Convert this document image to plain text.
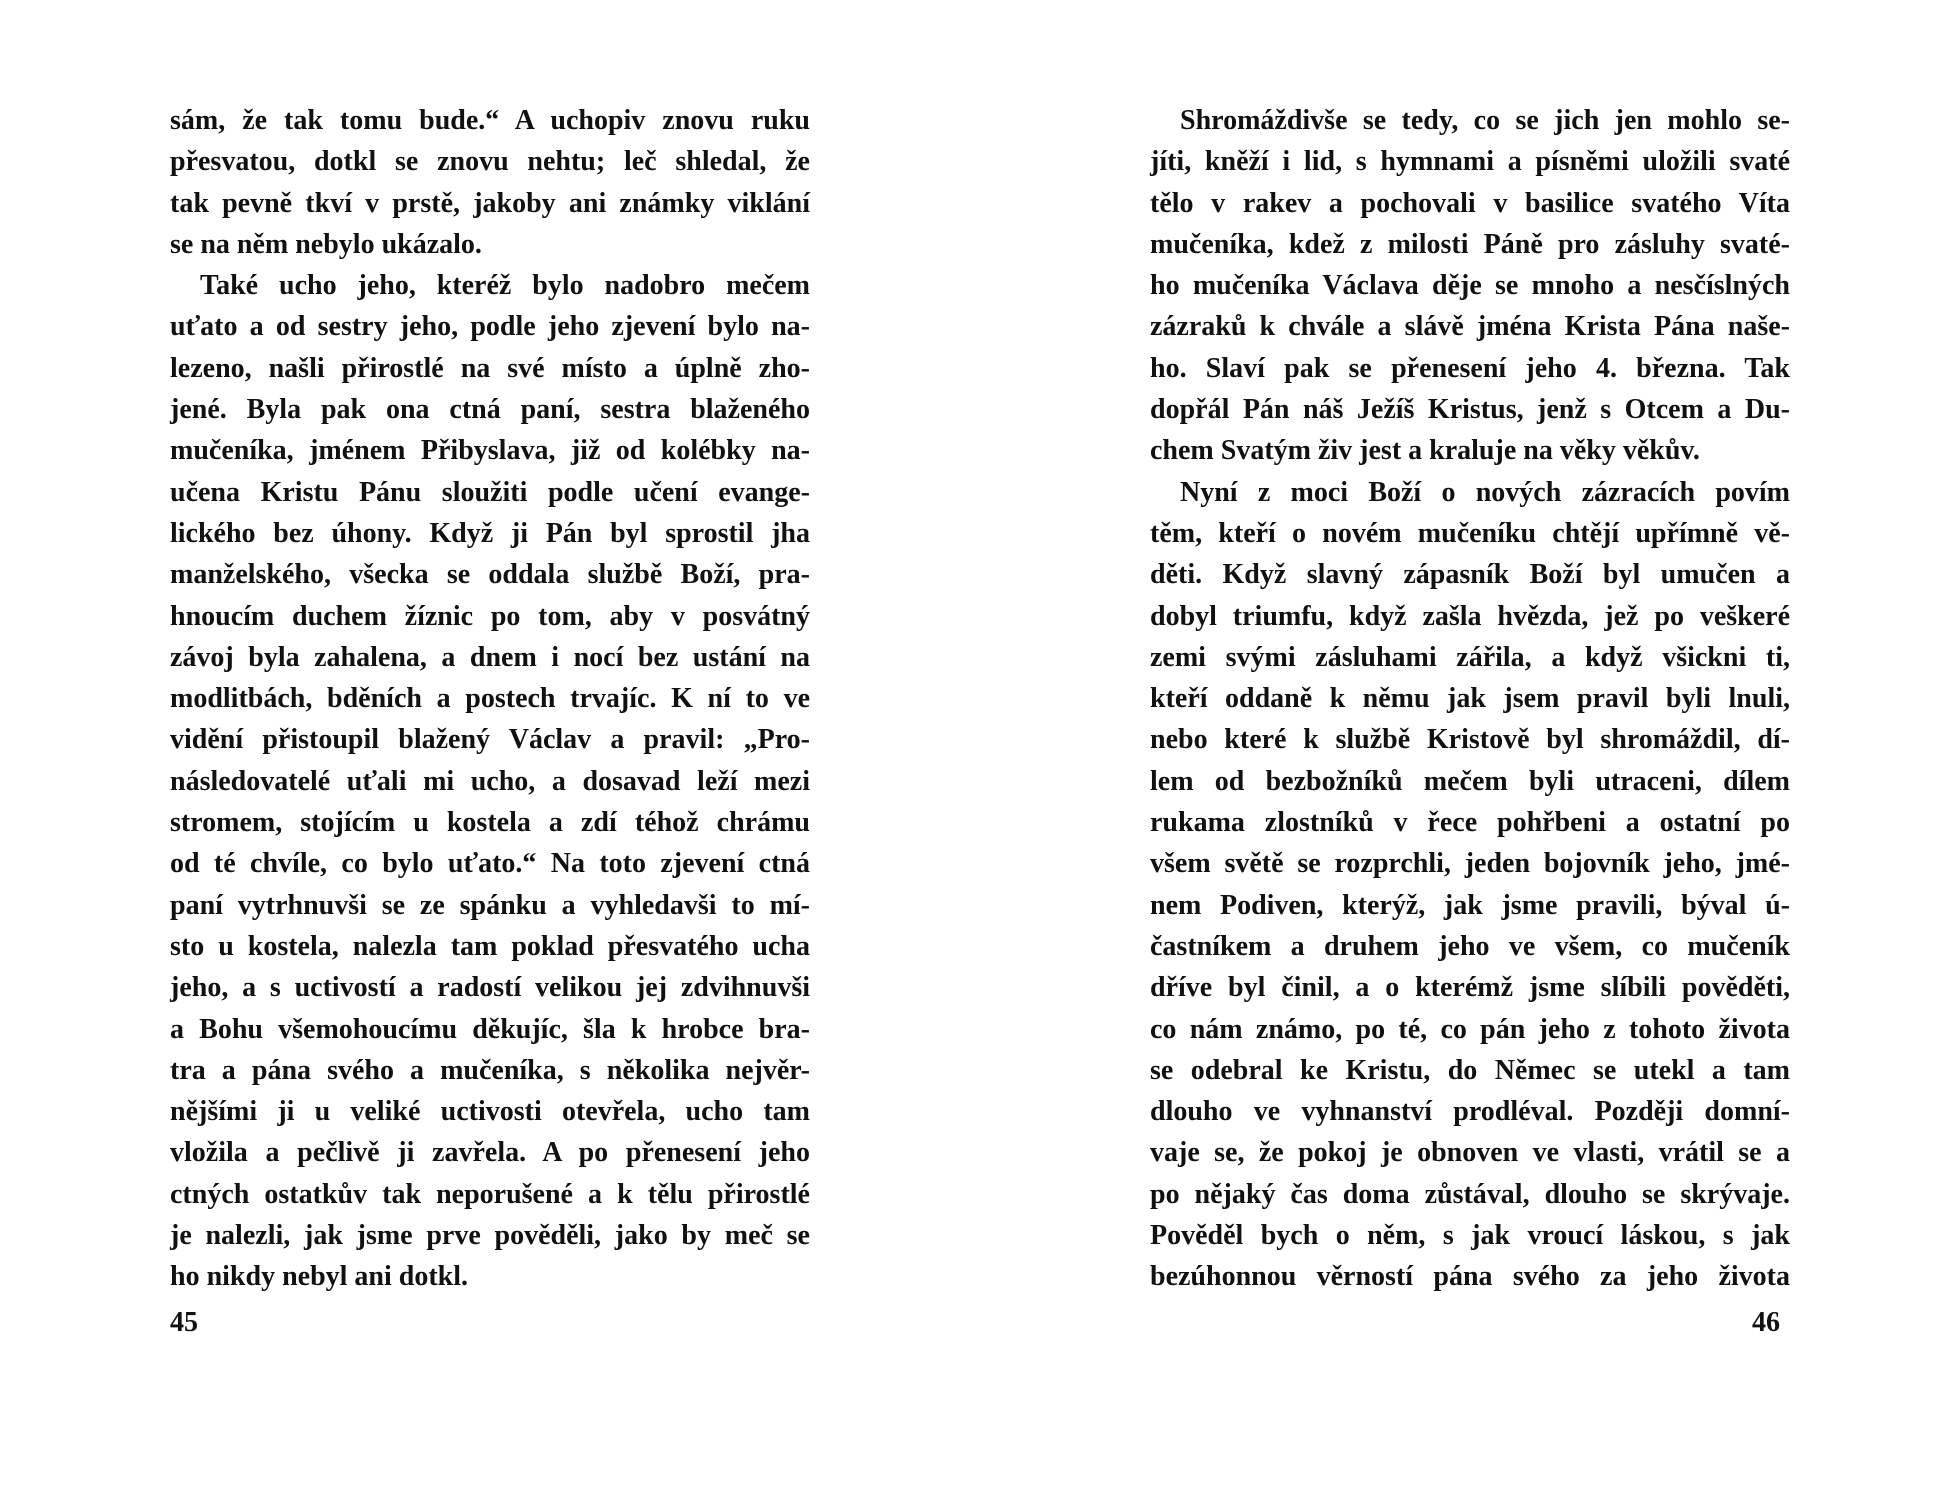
sám, že tak tomu bude.“ A uchopiv znovu ruku
přesvatou, dotkl se znovu nehtu; leč shledal, že
tak pevně tkví v prstě, jakoby ani známky viklání
se na něm nebylo ukázalo.
Také ucho jeho, kteréž bylo nadobro mečem
uťato a od sestry jeho, podle jeho zjevení bylo na-
lezeno, našli přirostlé na své místo a úplně zho-
jené. Byla pak ona ctná paní, sestra blaženého
mučeníka, jménem Přibyslava, již od kolébky na-
učena Kristu Pánu sloužiti podle učení evange-
lického bez úhony. Když ji Pán byl sprostil jha
manželského, všecka se oddala službě Boží, pra-
hnoucím duchem žíznic po tom, aby v posvátný
závoj byla zahalena, a dnem i nocí bez ustání na
modlitbách, bděních a postech trvajíc. K ní to ve
vidění přistoupil blažený Václav a pravil: „Pro-
následovatelé uťali mi ucho, a dosavad leží mezi
stromem, stojícím u kostela a zdí téhož chrámu
od té chvíle, co bylo uťato.“ Na toto zjevení ctná
paní vytrhnuvši se ze spánku a vyhledavši to mí-
sto u kostela, nalezla tam poklad přesvatého ucha
jeho, a s uctivostí a radostí velikou jej zdvihnuvši
a Bohu všemohoucímu děkujíc, šla k hrobce bra-
tra a pána svého a mučeníka, s několika nejvěr-
nějšími ji u veliké uctivosti otevřela, ucho tam
vložila a pečlivě ji zavřela. A po přenesení jeho
ctných ostatkův tak neporušené a k tělu přirostlé
je nalezli, jak jsme prve pověděli, jako by meč se
ho nikdy nebyl ani dotkl.
Shromáždivše se tedy, co se jich jen mohlo se-
jíti, kněží i lid, s hymnami a písněmi uložili svaté
tělo v rakev a pochovali v basilice svatého Víta
mučeníka, kdež z milosti Páně pro zásluhy svaté-
ho mučeníka Václava děje se mnoho a nesčíslných
zázraků k chvále a slávě jména Krista Pána naše-
ho. Slaví pak se přenesení jeho 4. března. Tak
dopřál Pán náš Ježíš Kristus, jenž s Otcem a Du-
chem Svatým živ jest a kraluje na věky věkův.
Nyní z moci Boží o nových zázracích povím
těm, kteří o novém mučeníku chtějí upřímně vě-
děti. Když slavný zápasník Boží byl umučen a
dobyl triumfu, když zašla hvězda, jež po veškeré
zemi svými zásluhami zářila, a když všickni ti,
kteří oddaně k němu jak jsem pravil byli lnuli,
nebo které k službě Kristově byl shromáždil, dí-
lem od bezbožníků mečem byli utraceni, dílem
rukama zlostníků v řece pohřbeni a ostatní po
všem světě se rozprchli, jeden bojovník jeho, jmé-
nem Podiven, kterýž, jak jsme pravili, býval ú-
častníkem a druhem jeho ve všem, co mučeník
dříve byl činil, a o kterémž jsme slíbili pověděti,
co nám známo, po té, co pán jeho z tohoto života
se odebral ke Kristu, do Němec se utekl a tam
dlouho ve vyhnanství prodléval. Později domní-
vaje se, že pokoj je obnoven ve vlasti, vrátil se a
po nějaký čas doma zůstával, dlouho se skrývaje.
Pověděl bych o něm, s jak vroucí láskou, s jak
bezúhonnou věrností pána svého za jeho života
45	46
